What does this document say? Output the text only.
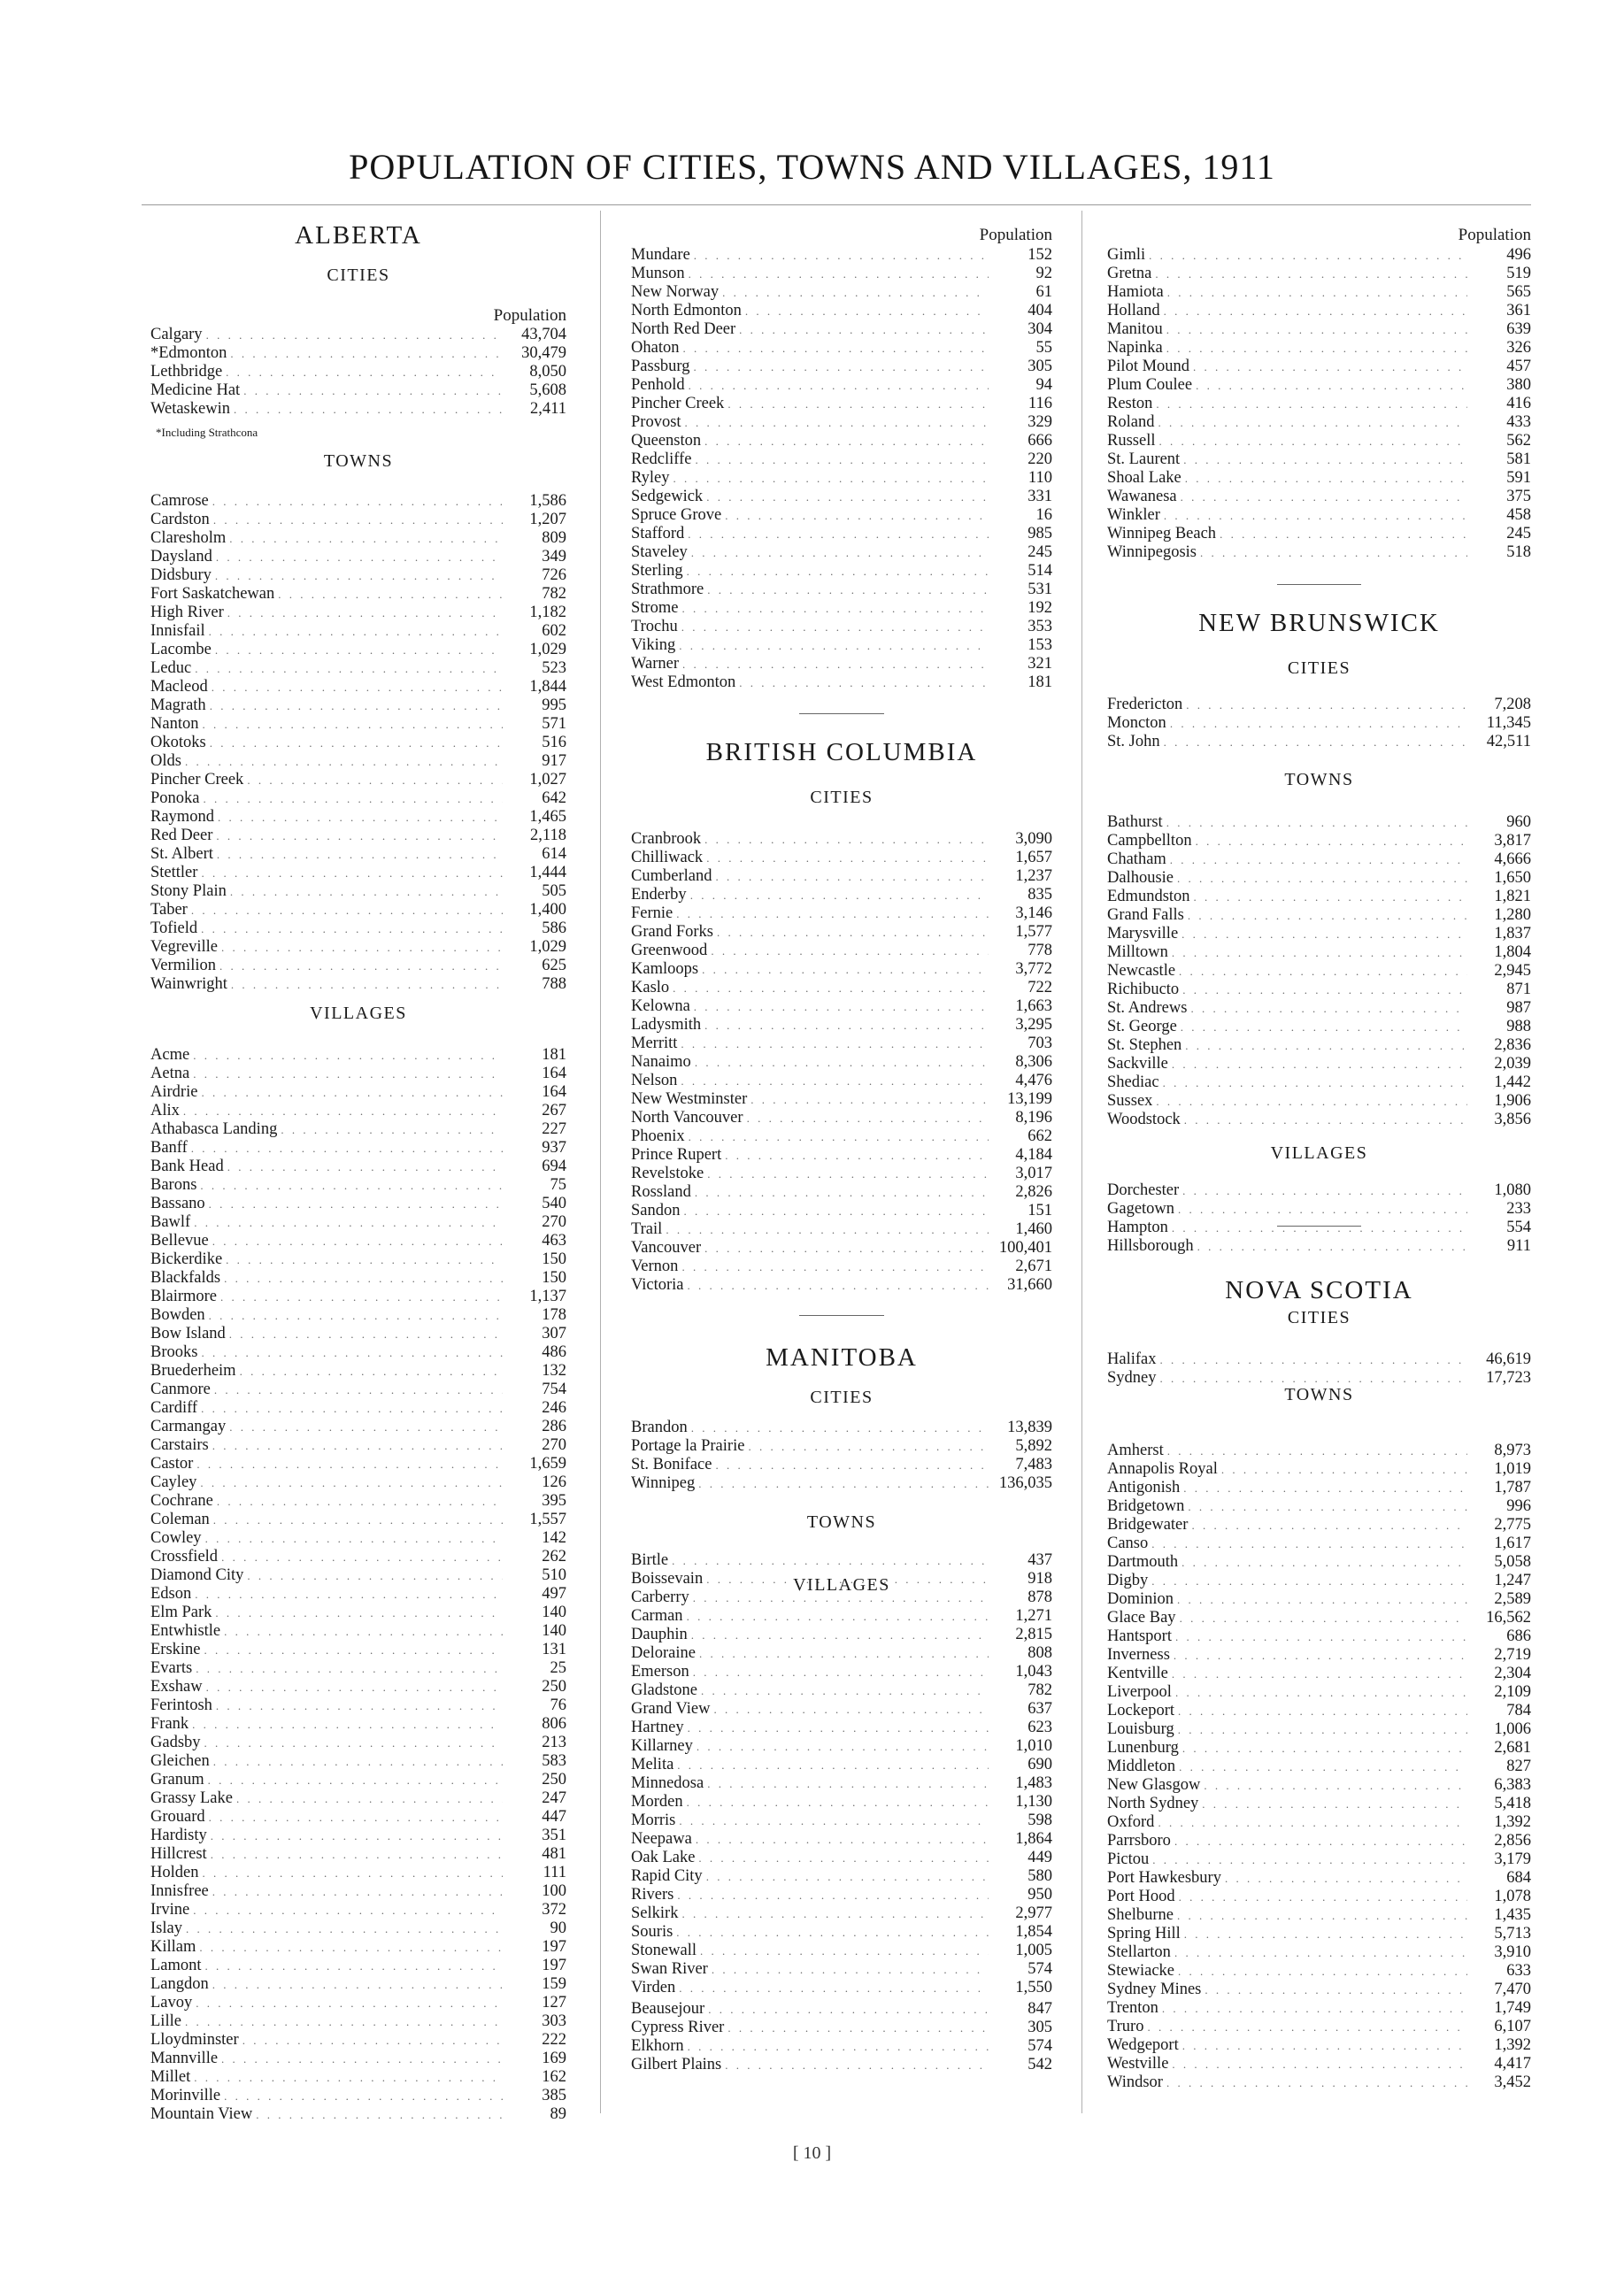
POPULATION OF CITIES, TOWNS AND VILLAGES, 1911
ALBERTA
CITIES
Population
Calgary . . .	43,704
*Edmonton . . .	30,479
Lethbridge . . .	8,050
Medicine Hat . . .	5,608
Wetaskewin . . .	2,411
*Including Strathcona
TOWNS
Camrose . . .	1,586
Cardston . . .	1,207
Claresholm . . .	809
Daysland . . .	349
Didsbury . . .	726
Fort Saskatchewan . . .	782
High River . . .	1,182
Innisfail . . .	602
Lacombe . . .	1,029
Leduc . . .	523
Macleod . . .	1,844
Magrath . . .	995
Nanton . . .	571
Okotoks . . .	516
Olds . . .	917
Pincher Creek . . .	1,027
Ponoka . . .	642
Raymond . . .	1,465
Red Deer . . .	2,118
St. Albert . . .	614
Stettler . . .	1,444
Stony Plain . . .	505
Taber . . .	1,400
Tofield . . .	586
Vegreville . . .	1,029
Vermilion . . .	625
Wainwright . . .	788
VILLAGES
Acme . . .	181
Aetna . . .	164
Airdrie . . .	164
Alix . . .	267
Athabasca Landing . . .	227
Banff . . .	937
Bank Head . . .	694
Barons . . .	75
Bassano . . .	540
Bawlf . . .	270
Bellevue . . .	463
Bickerdike . . .	150
Blackfalds . . .	150
Blairmore . . .	1,137
Bowden . . .	178
Bow Island . . .	307
Brooks . . .	486
Bruederheim . . .	132
Canmore . . .	754
Cardiff . . .	246
Carmangay . . .	286
Carstairs . . .	270
Castor . . .	1,659
Cayley . . .	126
Cochrane . . .	395
Coleman . . .	1,557
Cowley . . .	142
Crossfield . . .	262
Diamond City . . .	510
Edson . . .	497
Elm Park . . .	140
Entwhistle . . .	140
Erskine . . .	131
Evarts . . .	25
Exshaw . . .	250
Ferintosh . . .	76
Frank . . .	806
Gadsby . . .	213
Gleichen . . .	583
Granum . . .	250
Grassy Lake . . .	247
Grouard . . .	447
Hardisty . . .	351
Hillcrest . . .	481
Holden . . .	111
Innisfree . . .	100
Irvine . . .	372
Islay . . .	90
Killam . . .	197
Lamont . . .	197
Langdon . . .	159
Lavoy . . .	127
Lille . . .	303
Lloydminster . . .	222
Mannville . . .	169
Millet . . .	162
Morinville . . .	385
Mountain View . . .	89
Population
Mundare . . .	152
Munson . . .	92
New Norway . . .	61
North Edmonton . . .	404
North Red Deer . . .	304
Ohaton . . .	55
Passburg . . .	305
Penhold . . .	94
Pincher Creek . . .	116
Provost . . .	329
Queenston . . .	666
Redcliffe . . .	220
Ryley . . .	110
Sedgewick . . .	331
Spruce Grove . . .	16
Stafford . . .	985
Staveley . . .	245
Sterling . . .	514
Strathmore . . .	531
Strome . . .	192
Trochu . . .	353
Viking . . .	153
Warner . . .	321
West Edmonton . . .	181
BRITISH COLUMBIA
CITIES
Cranbrook . . .	3,090
Chilliwack . . .	1,657
Cumberland . . .	1,237
Enderby . . .	835
Fernie . . .	3,146
Grand Forks . . .	1,577
Greenwood . . .	778
Kamloops . . .	3,772
Kaslo . . .	722
Kelowna . . .	1,663
Ladysmith . . .	3,295
Merritt . . .	703
Nanaimo . . .	8,306
Nelson . . .	4,476
New Westminster . . .	13,199
North Vancouver . . .	8,196
Phoenix . . .	662
Prince Rupert . . .	4,184
Revelstoke . . .	3,017
Rossland . . .	2,826
Sandon . . .	151
Trail . . .	1,460
Vancouver . . .	100,401
Vernon . . .	2,671
Victoria . . .	31,660
MANITOBA
CITIES
Brandon . . .	13,839
Portage la Prairie . . .	5,892
St. Boniface . . .	7,483
Winnipeg . . .	136,035
TOWNS
Birtle . . .	437
Boissevain . . .	918
Carberry . . .	878
Carman . . .	1,271
Dauphin . . .	2,815
Deloraine . . .	808
Emerson . . .	1,043
Gladstone . . .	782
Grand View . . .	637
Hartney . . .	623
Killarney . . .	1,010
Melita . . .	690
Minnedosa . . .	1,483
Morden . . .	1,130
Morris . . .	598
Neepawa . . .	1,864
Oak Lake . . .	449
Rapid City . . .	580
Rivers . . .	950
Selkirk . . .	2,977
Souris . . .	1,854
Stonewall . . .	1,005
Swan River . . .	574
Virden . . .	1,550
VILLAGES
Beausejour . . .	847
Cypress River . . .	305
Elkhorn . . .	574
Gilbert Plains . . .	542
Population
Gimli . . .	496
Gretna . . .	519
Hamiota . . .	565
Holland . . .	361
Manitou . . .	639
Napinka . . .	326
Pilot Mound . . .	457
Plum Coulee . . .	380
Reston . . .	416
Roland . . .	433
Russell . . .	562
St. Laurent . . .	581
Shoal Lake . . .	591
Wawanesa . . .	375
Winkler . . .	458
Winnipeg Beach . . .	245
Winnipegosis . . .	518
NEW BRUNSWICK
CITIES
Fredericton . . .	7,208
Moncton . . .	11,345
St. John . . .	42,511
TOWNS
Bathurst . . .	960
Campbellton . . .	3,817
Chatham . . .	4,666
Dalhousie . . .	1,650
Edmundston . . .	1,821
Grand Falls . . .	1,280
Marysville . . .	1,837
Milltown . . .	1,804
Newcastle . . .	2,945
Richibucto . . .	871
St. Andrews . . .	987
St. George . . .	988
St. Stephen . . .	2,836
Sackville . . .	2,039
Shediac . . .	1,442
Sussex . . .	1,906
Woodstock . . .	3,856
VILLAGES
Dorchester . . .	1,080
Gagetown . . .	233
Hampton . . .	554
Hillsborough . . .	911
NOVA SCOTIA
CITIES
Halifax . . .	46,619
Sydney . . .	17,723
TOWNS
Amherst . . .	8,973
Annapolis Royal . . .	1,019
Antigonish . . .	1,787
Bridgetown . . .	996
Bridgewater . . .	2,775
Canso . . .	1,617
Dartmouth . . .	5,058
Digby . . .	1,247
Dominion . . .	2,589
Glace Bay . . .	16,562
Hantsport . . .	686
Inverness . . .	2,719
Kentville . . .	2,304
Liverpool . . .	2,109
Lockeport . . .	784
Louisburg . . .	1,006
Lunenburg . . .	2,681
Middleton . . .	827
New Glasgow . . .	6,383
North Sydney . . .	5,418
Oxford . . .	1,392
Parrsboro . . .	2,856
Pictou . . .	3,179
Port Hawkesbury . . .	684
Port Hood . . .	1,078
Shelburne . . .	1,435
Spring Hill . . .	5,713
Stellarton . . .	3,910
Stewiacke . . .	633
Sydney Mines . . .	7,470
Trenton . . .	1,749
Truro . . .	6,107
Wedgeport . . .	1,392
Westville . . .	4,417
Windsor . . .	3,452
[ 10 ]
